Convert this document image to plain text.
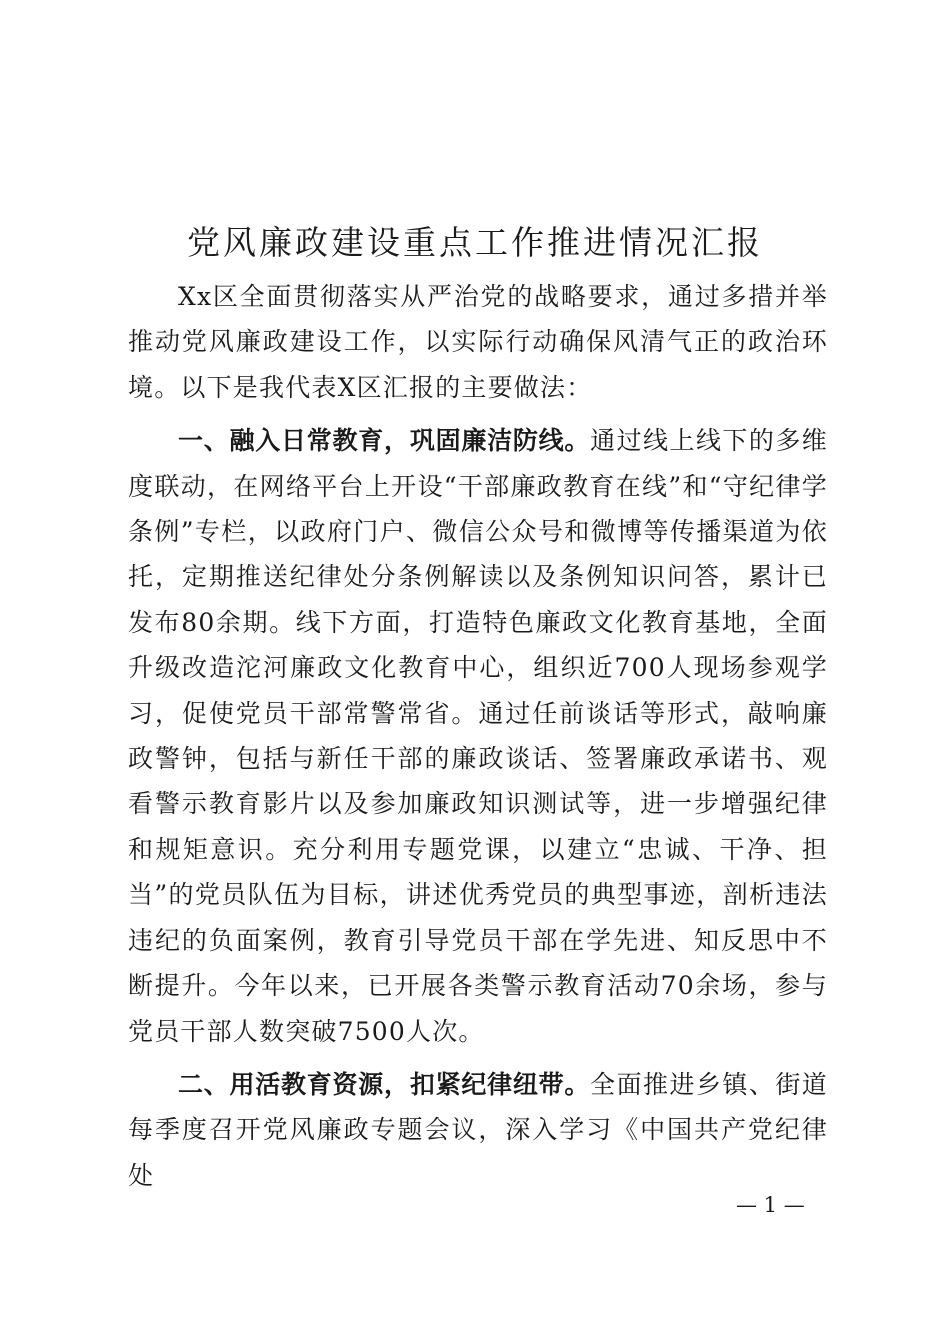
党风廉政建设重点工作推进情况汇报

Xx区全面贯彻落实从严治党的战略要求，通过多措并举推动党风廉政建设工作，以实际行动确保风清气正的政治环境。以下是我代表X区汇报的主要做法：

一、融入日常教育，巩固廉洁防线。通过线上线下的多维度联动，在网络平台上开设“干部廉政教育在线”和“守纪律学条例”专栏，以政府门户、微信公众号和微博等传播渠道为依托，定期推送纪律处分条例解读以及条例知识问答，累计已发布80余期。线下方面，打造特色廉政文化教育基地，全面升级改造沱河廉政文化教育中心，组织近700人现场参观学习，促使党员干部常警常省。通过任前谈话等形式，敲响廉政警钟，包括与新任干部的廉政谈话、签署廉政承诺书、观看警示教育影片以及参加廉政知识测试等，进一步增强纪律和规矩意识。充分利用专题党课，以建立“忠诚、干净、担当”的党员队伍为目标，讲述优秀党员的典型事迹，剖析违法违纪的负面案例，教育引导党员干部在学先进、知反思中不断提升。今年以来，已开展各类警示教育活动70余场，参与党员干部人数突破7500人次。

二、用活教育资源，扣紧纪律纽带。全面推进乡镇、街道每季度召开党风廉政专题会议，深入学习《中国共产党纪律处

— 1 —
